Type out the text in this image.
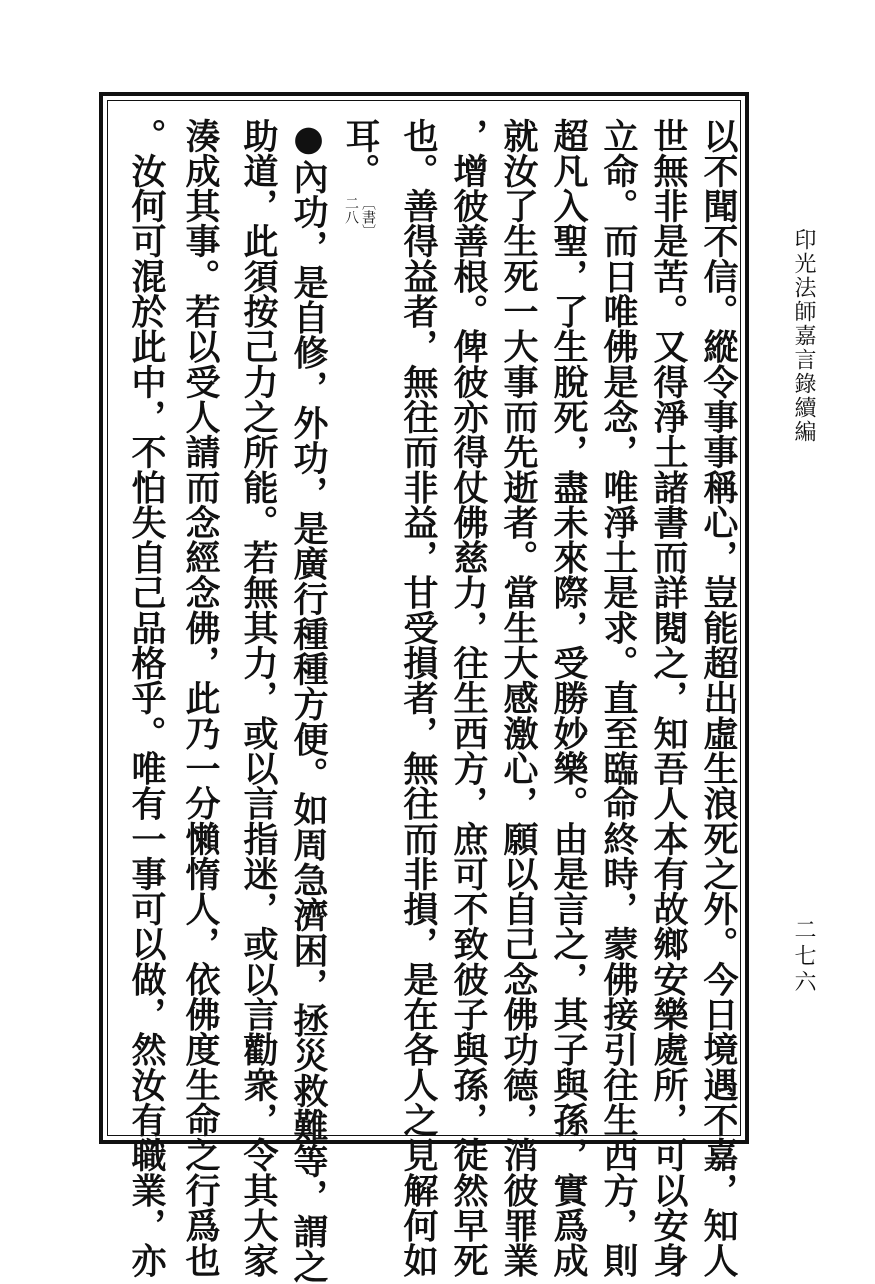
印光法師嘉言錄續編
二七六
以不聞不信。縱令事事稱心，豈能超出虛生浪死之外。今日境遇不嘉，知人
世無非是苦。又得淨土諸書而詳閱之，知吾人本有故鄉安樂處所，可以安身
立命。而日唯佛是念，唯淨土是求。直至臨命終時，蒙佛接引往生西方，則
超凡入聖，了生脫死，盡未來際，受勝妙樂。由是言之，其子與孫，實爲成
就汝了生死一大事而先逝者。當生大感激心，願以自己念佛功德，消彼罪業
，增彼善根。俾彼亦得仗佛慈力，往生西方，庶可不致彼子與孫，徒然早死
也。善得益者，無往而非益，甘受損者，無往而非損，是在各人之見解何如
耳。
〔書〕
二八
●內功，是自修，外功，是廣行種種方便。如周急濟困，拯災救難等，謂之
助道，此須按己力之所能。若無其力，或以言指迷，或以言勸衆，令其大家
湊成其事。若以受人請而念經念佛，此乃一分懶惰人，依佛度生命之行爲也
。汝何可混於此中，不怕失自己品格乎。唯有一事可以做，然汝有職業，亦
